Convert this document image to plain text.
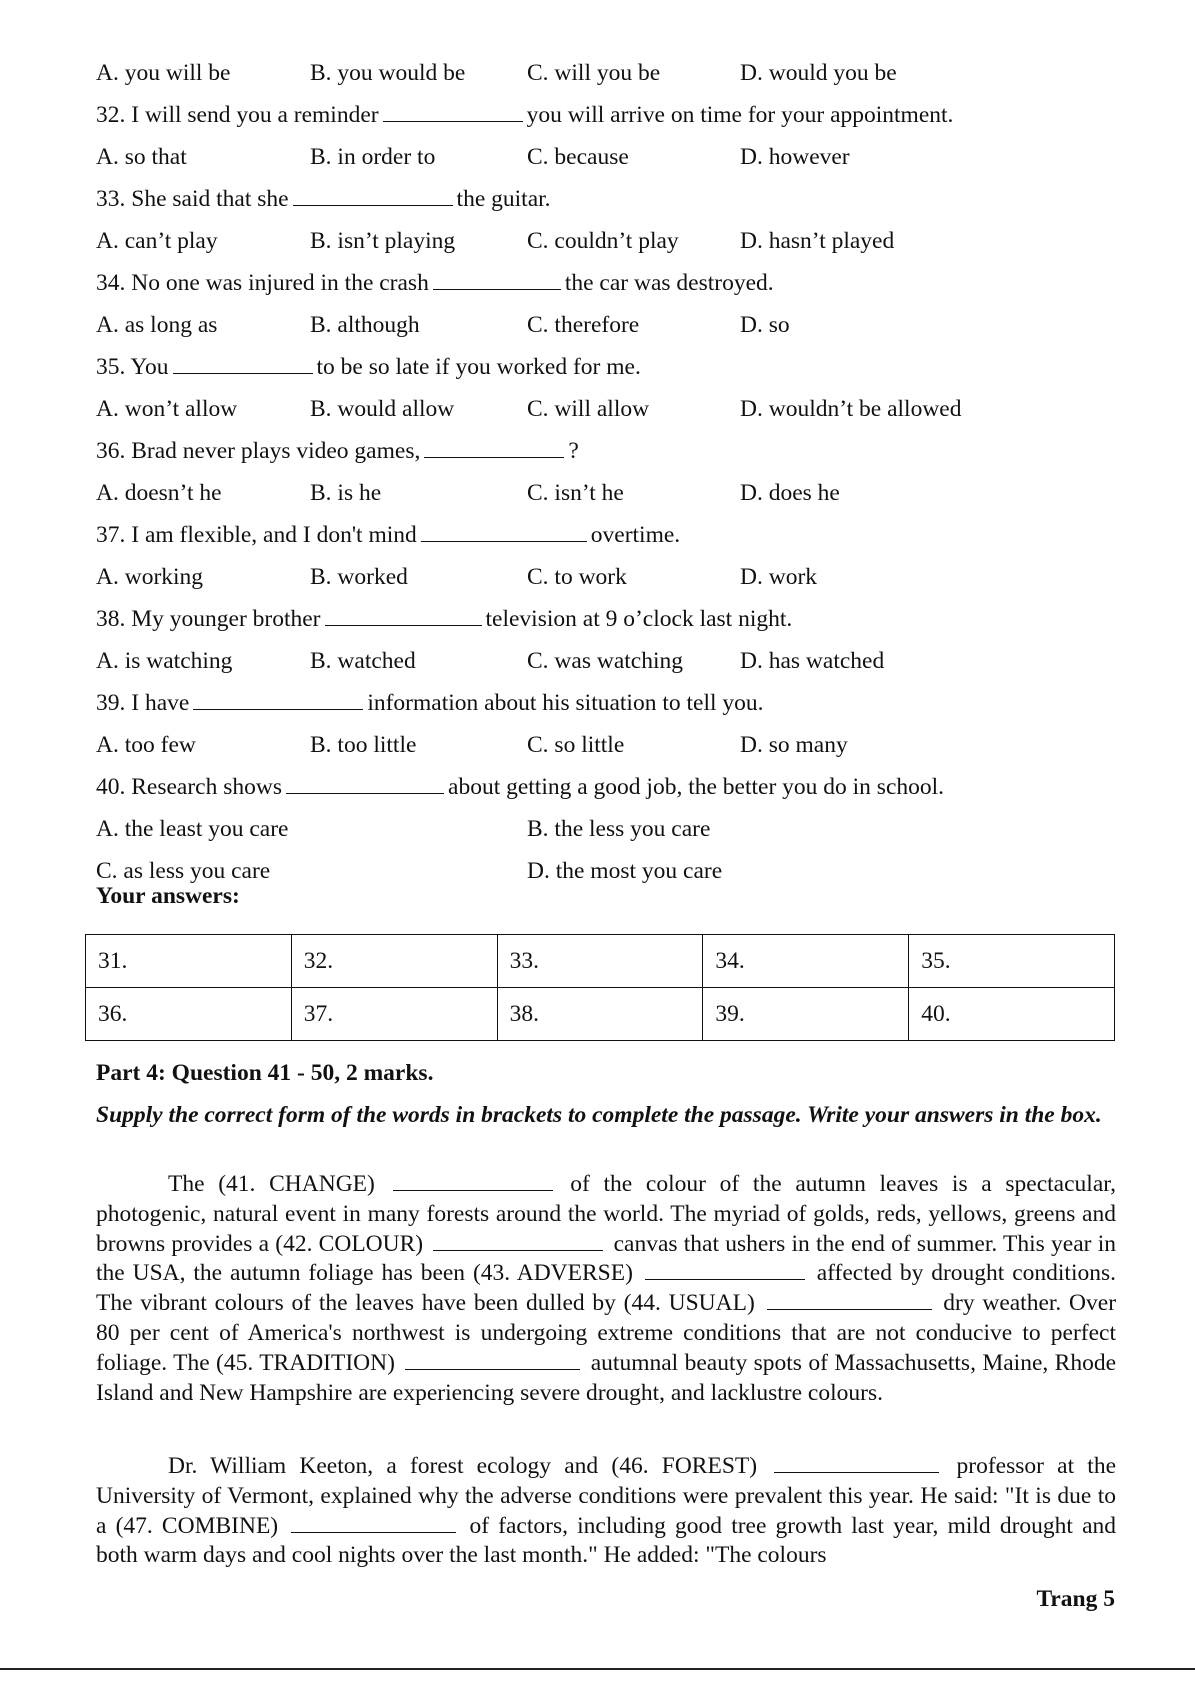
A. you will be	B. you would be	C. will you be	D. would you be
32. I will send you a reminder	you will arrive on time for your appointment.
A. so that	B. in order to	C. because	D. however
33. She said that she	the guitar.
A. can’t play	B. isn’t playing	C. couldn’t play	D. hasn’t played
34. No one was injured in the crash	the car was destroyed.
A. as long as	B. although	C. therefore	D. so
35. You	to be so late if you worked for me.
A. won’t allow	B. would allow	C. will allow	D. wouldn’t be allowed
36. Brad never plays video games,	?
A. doesn’t he	B. is he	C. isn’t he	D. does he
37. I am flexible, and I don't mind	overtime.
A. working	B. worked	C. to work	D. work
38. My younger brother	television at 9 o’clock last night.
A. is watching	B. watched	C. was watching D. has watched
39. I have	information about his situation to tell you.
A. too few	B. too little	C. so little	D. so many
40. Research shows	about getting a good job, the better you do in school.
A. the least you care	B. the less you care
C. as less you care	D. the most you care
Your answers:
31.	32.	33.	34.	35.
36.	37.	38.	39.	40.
Part 4: Question 41 - 50, 2 marks.
Supply the correct form of the words in brackets to complete the passage. Write your answers in the box.
The (41. CHANGE)	of the colour of the autumn leaves is a spectacular, photogenic, natural event in many forests around the world. The myriad of golds, reds, yellows, greens and browns provides a (42. COLOUR)	canvas that ushers in the end of summer. This year in the USA, the autumn foliage has been (43. ADVERSE)	affected by drought conditions. The vibrant colours of the leaves have been dulled by (44. USUAL)	dry weather. Over 80 per cent of America's northwest is undergoing extreme conditions that are not conducive to perfect foliage. The (45. TRADITION)	autumnal beauty spots of Massachusetts, Maine, Rhode Island and New Hampshire are experiencing severe drought, and lacklustre colours.
Dr. William Keeton, a forest ecology and (46. FOREST)	professor at the University of Vermont, explained why the adverse conditions were prevalent this year. He said: "It is due to a (47. COMBINE)	of factors, including good tree growth last year, mild drought and both warm days and cool nights over the last month." He added: "The colours
Trang 5
